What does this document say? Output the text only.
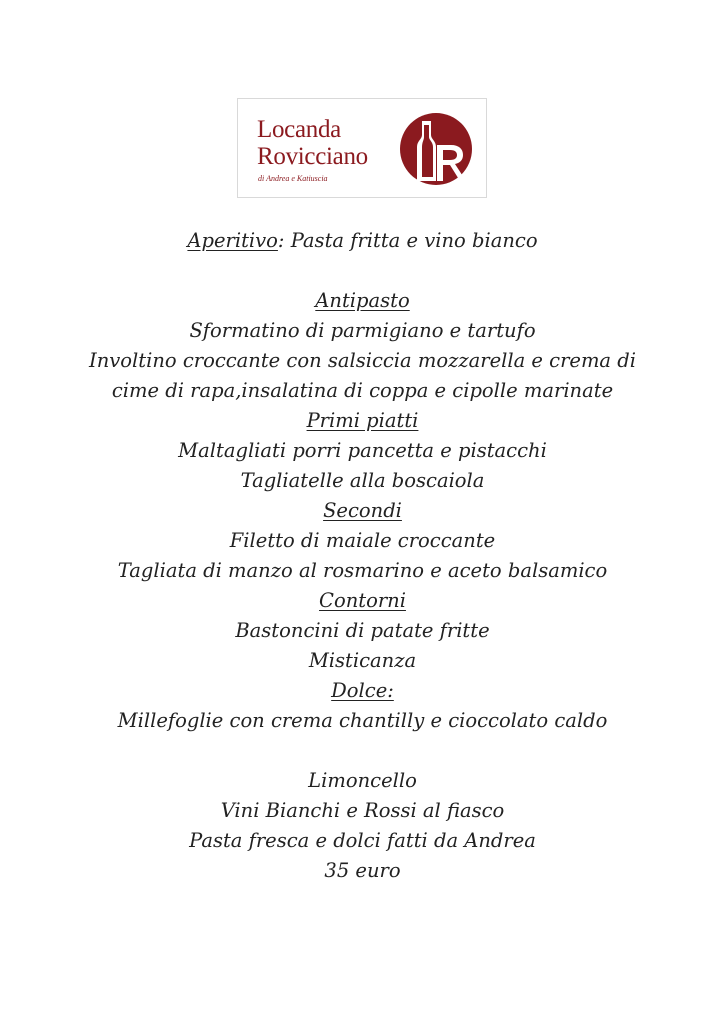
Locanda
Rovicciano
di Andrea e Katiuscia
Aperitivo: Pasta fritta e vino bianco
Antipasto
Sformatino di parmigiano e tartufo
Involtino croccante con salsiccia mozzarella e crema di
cime di rapa,insalatina di coppa e cipolle marinate
Primi piatti
Maltagliati porri pancetta e pistacchi
Tagliatelle alla boscaiola
Secondi
Filetto di maiale croccante
Tagliata di manzo al rosmarino e aceto balsamico
Contorni
Bastoncini di patate fritte
Misticanza
Dolce:
Millefoglie con crema chantilly e cioccolato caldo
Limoncello
Vini Bianchi e Rossi al fiasco
Pasta fresca e dolci fatti da Andrea
35 euro
